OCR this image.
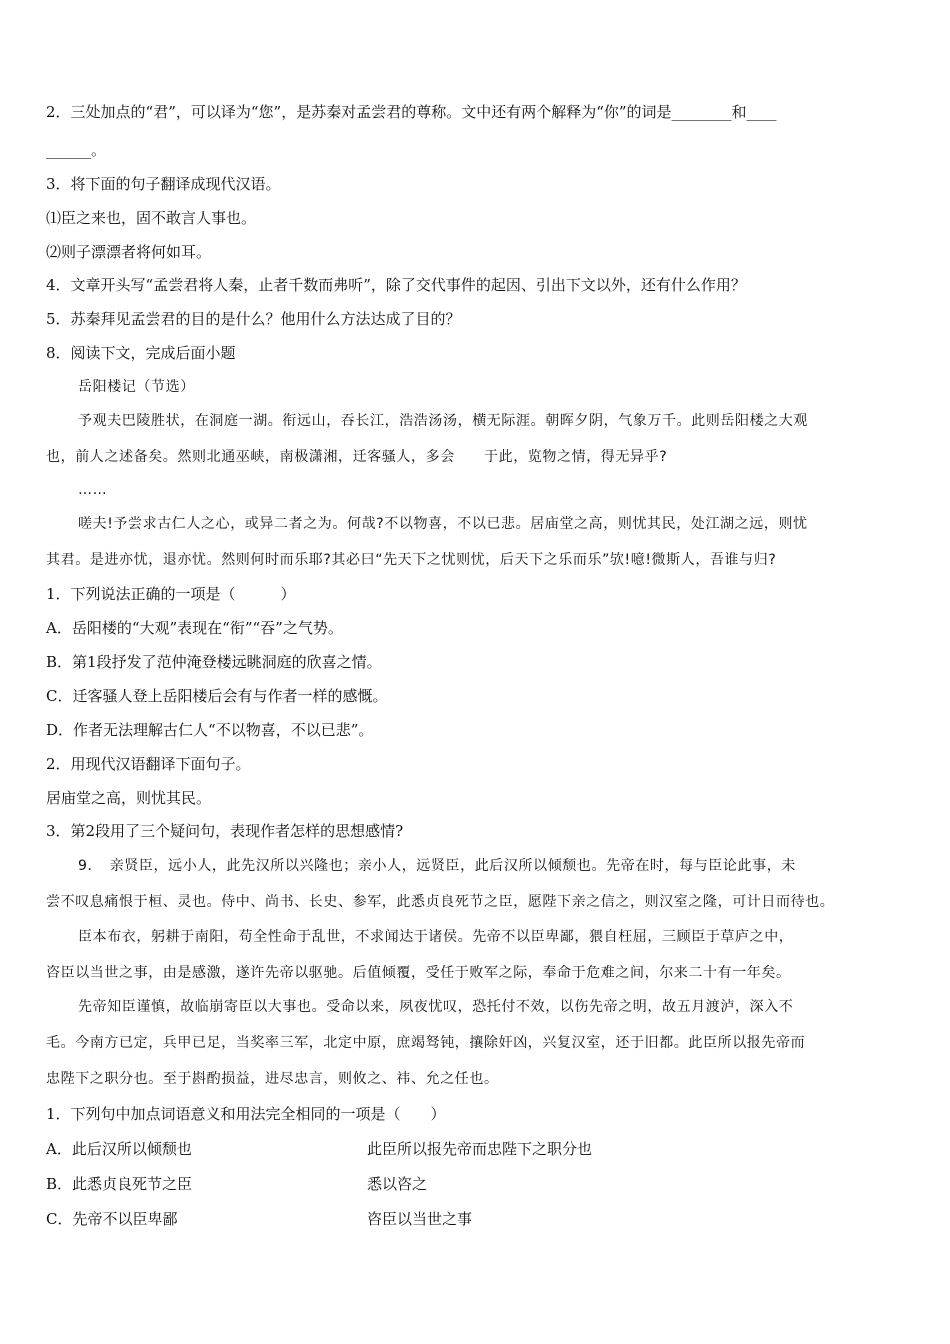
2．三处加点的“君”，可以译为“您”，是苏秦对孟尝君的尊称。文中还有两个解释为“你”的词是________和____
______。
3．将下面的句子翻译成现代汉语。
⑴臣之来也，固不敢言人事也。
⑵则子漂漂者将何如耳。
4．文章开头写“孟尝君将人秦，止者千数而弗听”，除了交代事件的起因、引出下文以外，还有什么作用？
5．苏秦拜见孟尝君的目的是什么？他用什么方法达成了目的？
8．阅读下文，完成后面小题
岳阳楼记（节选）
予观夫巴陵胜状，在洞庭一湖。衔远山，吞长江，浩浩汤汤，横无际涯。朝晖夕阴，气象万千。此则岳阳楼之大观
也，前人之述备矣。然则北通巫峡，南极潇湘，迁客骚人，多会　　于此，览物之情，得无异乎?
……
嗟夫!予尝求古仁人之心，或异二者之为。何哉?不以物喜，不以已悲。居庙堂之高，则忧其民，处江湖之远，则忧
其君。是进亦忧，退亦忧。然则何时而乐耶?其必曰“先天下之忧则忧，后天下之乐而乐”欤!噫!微斯人，吾谁与归?
1．下列说法正确的一项是（　　　）
A．岳阳楼的“大观”表现在“衔”“吞”之气势。
B．第1段抒发了范仲淹登楼远眺洞庭的欣喜之情。
C．迁客骚人登上岳阳楼后会有与作者一样的感慨。
D．作者无法理解古仁人“不以物喜，不以已悲”。
2．用现代汉语翻译下面句子。
居庙堂之高，则忧其民。
3．第2段用了三个疑问句，表现作者怎样的思想感情?
9．　亲贤臣，远小人，此先汉所以兴隆也；亲小人，远贤臣，此后汉所以倾颓也。先帝在时，每与臣论此事，未
尝不叹息痛恨于桓、灵也。侍中、尚书、长史、参军，此悉贞良死节之臣，愿陛下亲之信之，则汉室之隆，可计日而待也。
臣本布衣，躬耕于南阳，苟全性命于乱世，不求闻达于诸侯。先帝不以臣卑鄙，猥自枉屈，三顾臣于草庐之中，
咨臣以当世之事，由是感激，遂许先帝以驱驰。后值倾覆，受任于败军之际，奉命于危难之间，尔来二十有一年矣。
先帝知臣谨慎，故临崩寄臣以大事也。受命以来，夙夜忧叹，恐托付不效，以伤先帝之明，故五月渡泸，深入不
毛。今南方已定，兵甲已足，当奖率三军，北定中原，庶竭驽钝，攘除奸凶，兴复汉室，还于旧都。此臣所以报先帝而
忠陛下之职分也。至于斟酌损益，进尽忠言，则攸之、祎、允之任也。
1．下列句中加点词语意义和用法完全相同的一项是（　　）
A．此后汉所以倾颓也	此臣所以报先帝而忠陛下之职分也
B．此悉贞良死节之臣	悉以咨之
C．先帝不以臣卑鄙	咨臣以当世之事
